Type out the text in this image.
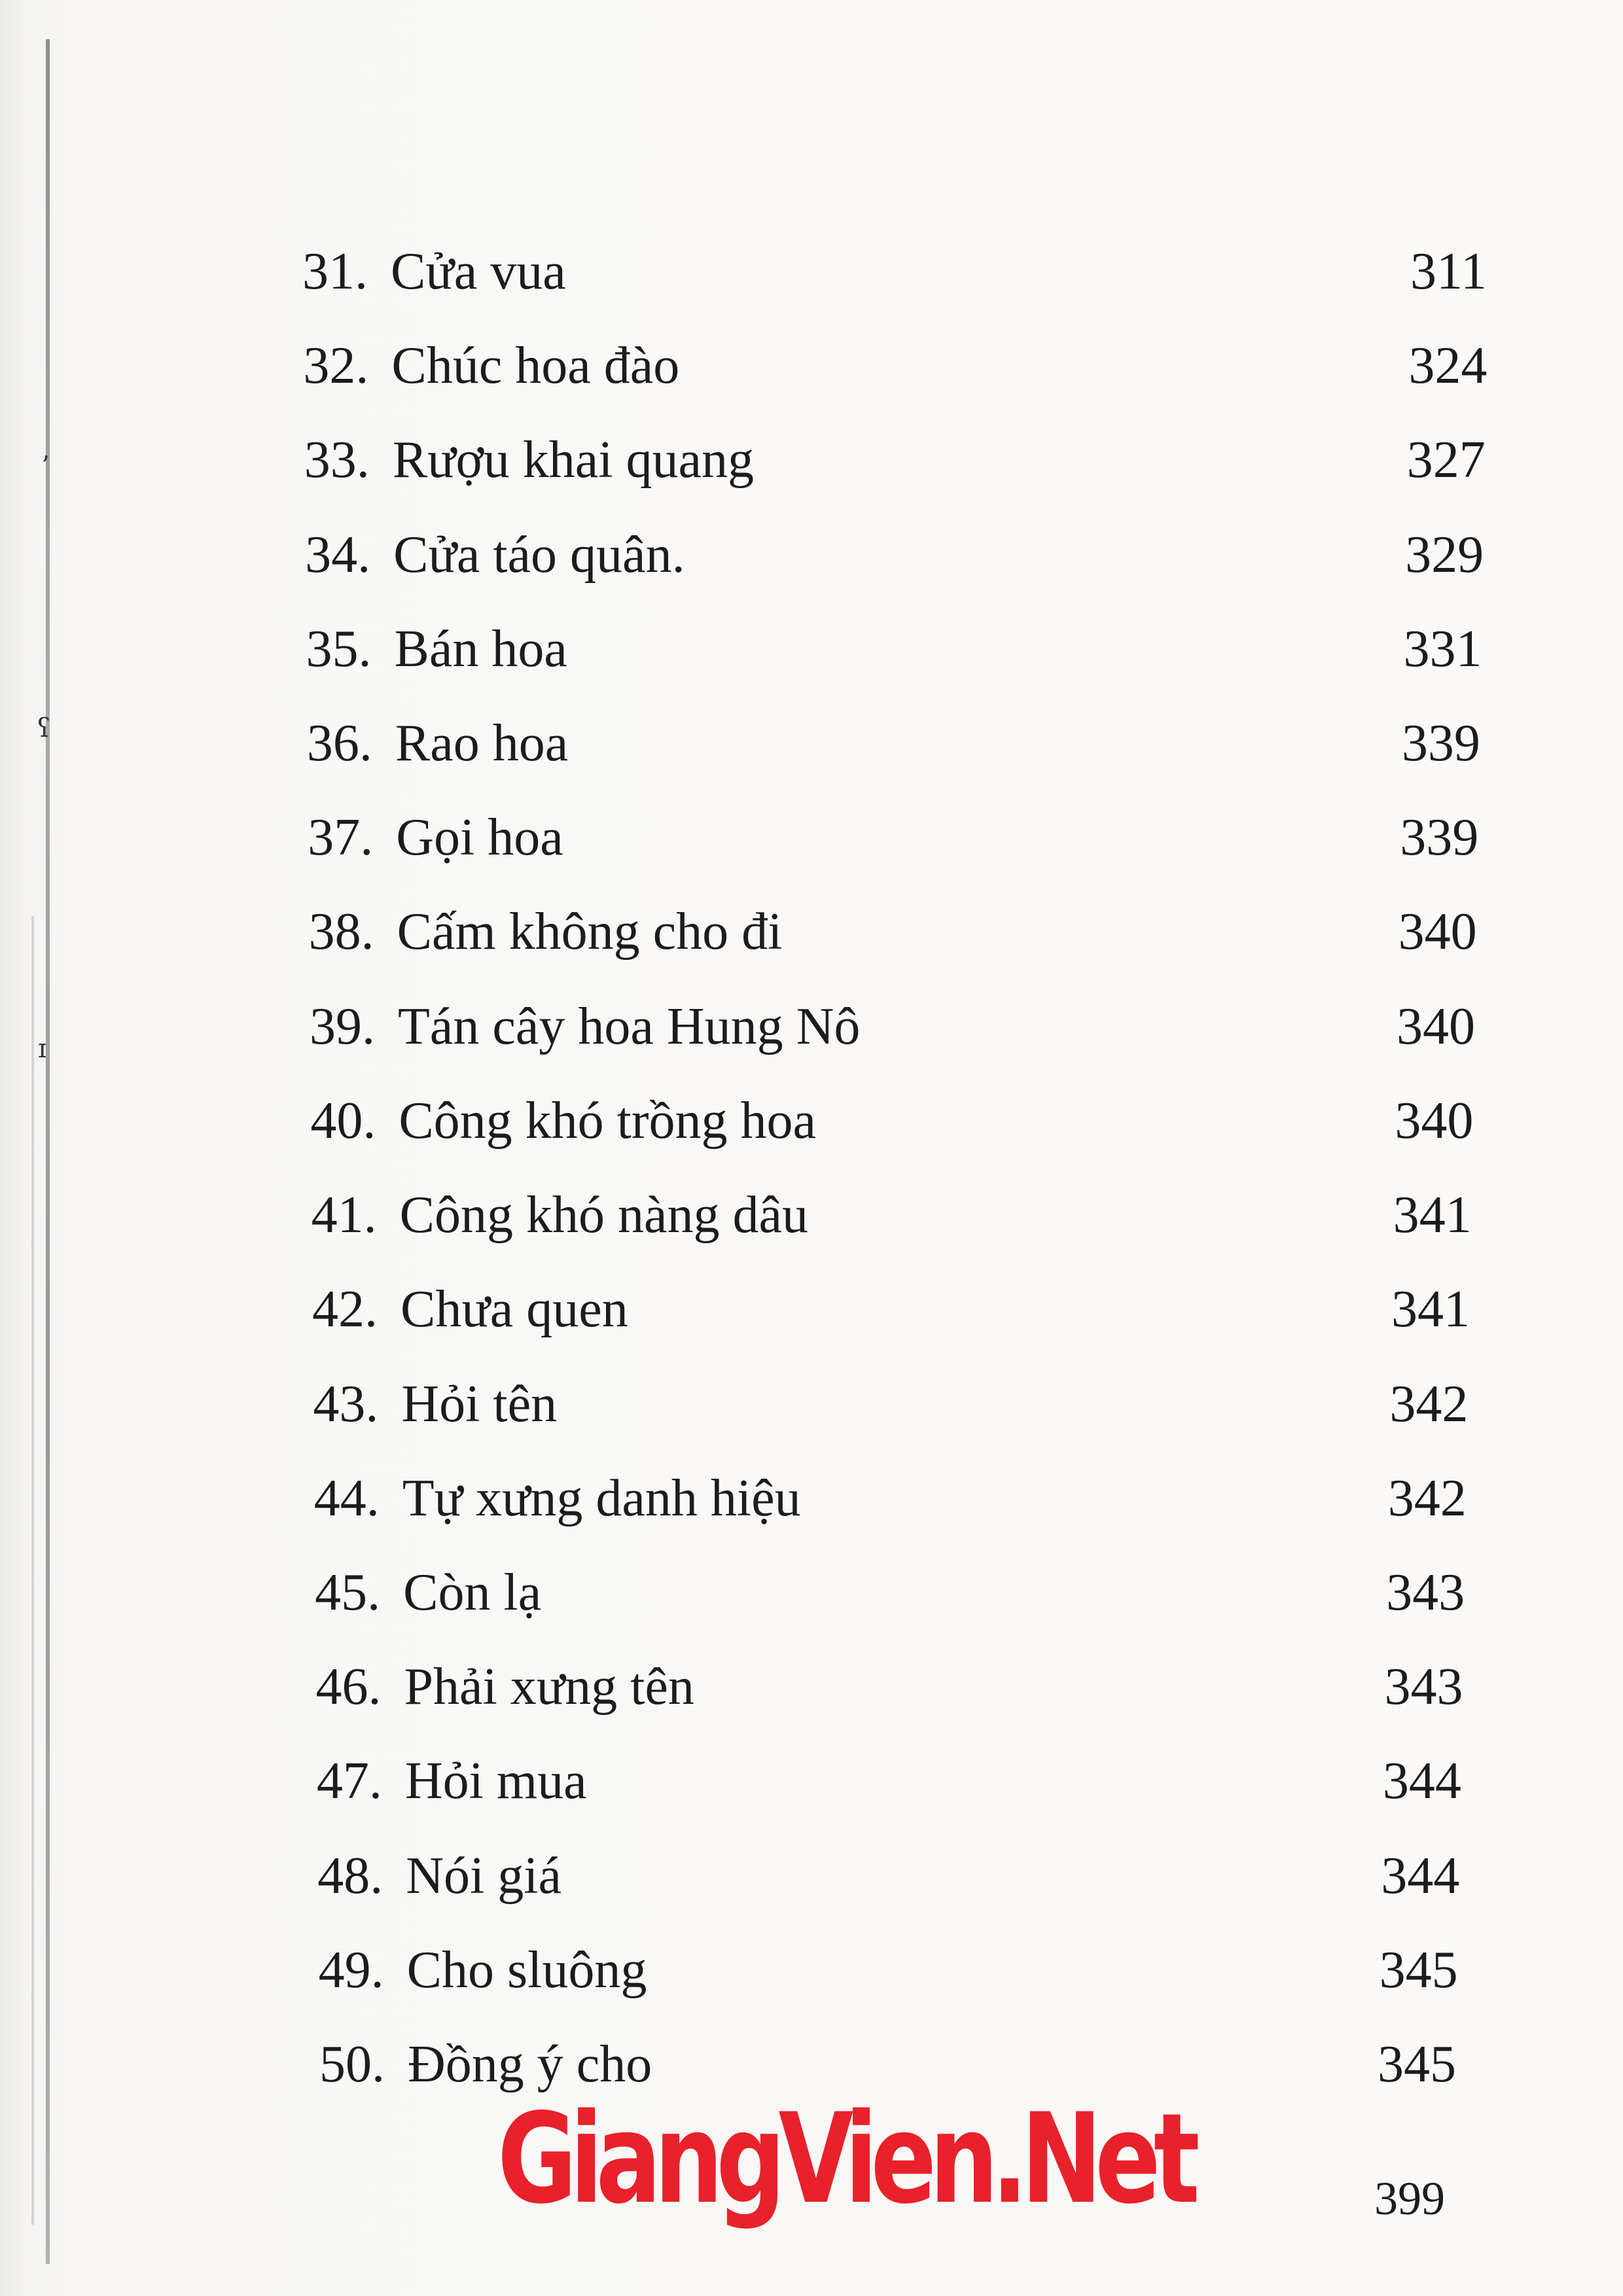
ʼ
ʕ
ɪ
31. Cửa vua	311
32. Chúc hoa đào	324
33. Rượu khai quang	327
34. Cửa táo quân.	329
35. Bán hoa	331
36. Rao hoa	339
37. Gọi hoa	339
38. Cấm không cho đi	340
39. Tán cây hoa Hung Nô	340
40. Công khó trồng hoa	340
41. Công khó nàng dâu	341
42. Chưa quen	341
43. Hỏi tên	342
44. Tự xưng danh hiệu	342
45. Còn lạ	343
46. Phải xưng tên	343
47. Hỏi mua	344
48. Nói giá	344
49. Cho sluông	345
50. Đồng ý cho	345
GiangVien.Net	399
